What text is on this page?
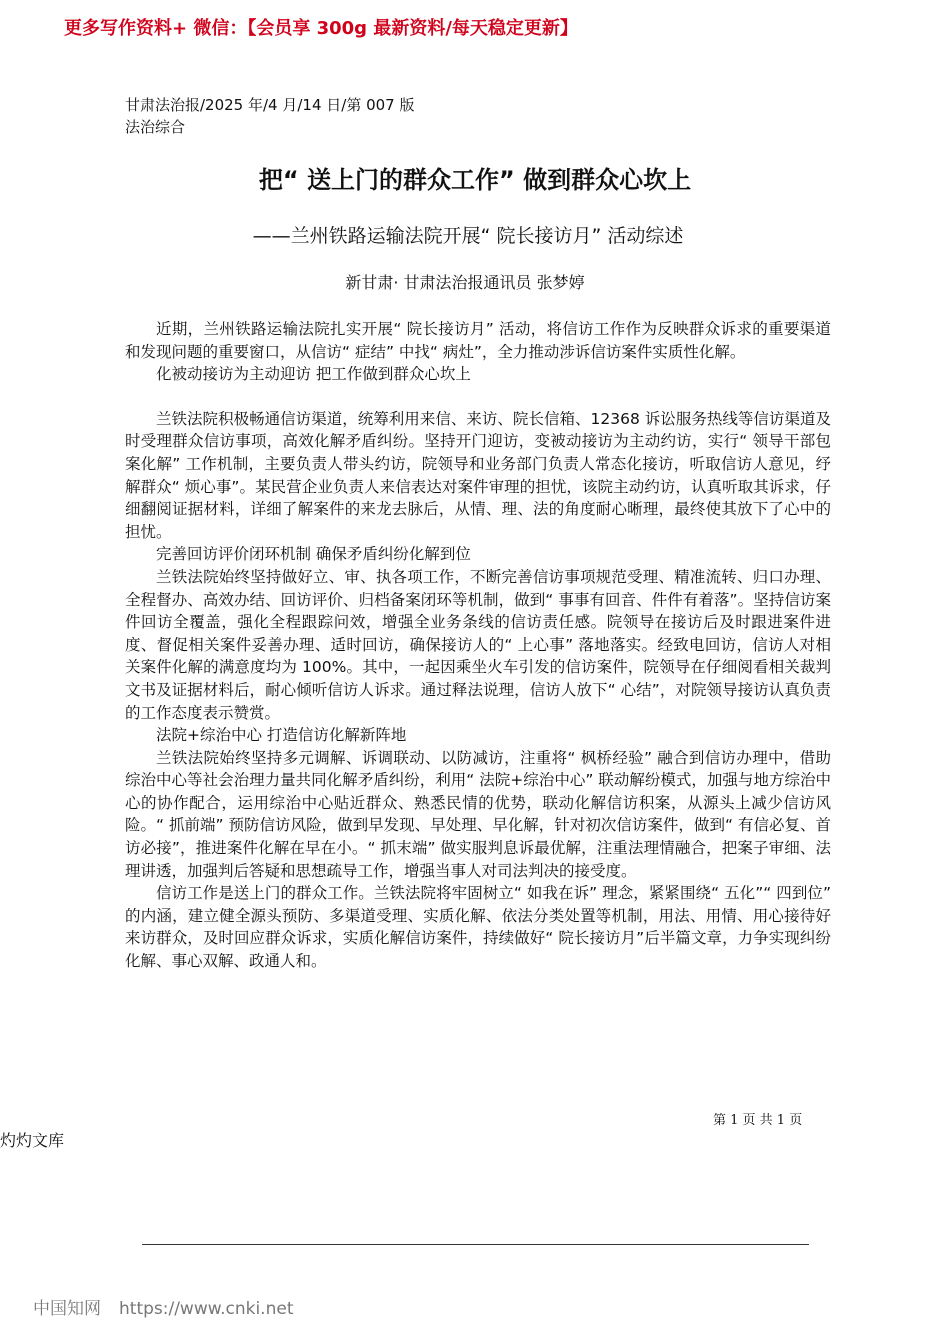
更多写作资料+ 微信：【会员享 300g 最新资料/每天稳定更新】
甘肃法治报/2025 年/4 月/14 日/第 007 版法治综合
把“ 送上门的群众工作” 做到群众心坎上
——兰州铁路运输法院开展“ 院长接访月” 活动综述
新甘肃· 甘肃法治报通讯员 张梦婷

近期，兰州铁路运输法院扎实开展“ 院长接访月” 活动，将信访工作作为反映群众诉求的重要渠道和发现问题的重要窗口，从信访“ 症结” 中找“ 病灶”，全力推动涉诉信访案件实质性化解。

化被动接访为主动迎访 把工作做到群众心坎上

兰铁法院积极畅通信访渠道，统筹利用来信、来访、院长信箱、12368 诉讼服务热线等信访渠道及时受理群众信访事项，高效化解矛盾纠纷。坚持开门迎访，变被动接访为主动约访，实行“ 领导干部包案化解” 工作机制，主要负责人带头约访，院领导和业务部门负责人常态化接访，听取信访人意见，纾解群众“ 烦心事”。某民营企业负责人来信表达对案件审理的担忧，该院主动约访，认真听取其诉求，仔细翻阅证据材料，详细了解案件的来龙去脉后，从情、理、法的角度耐心晰理，最终使其放下了心中的担忧。

完善回访评价闭环机制 确保矛盾纠纷化解到位

兰铁法院始终坚持做好立、审、执各项工作，不断完善信访事项规范受理、精准流转、归口办理、全程督办、高效办结、回访评价、归档备案闭环等机制，做到“ 事事有回音、件件有着落”。坚持信访案件回访全覆盖，强化全程跟踪问效，增强全业务条线的信访责任感。院领导在接访后及时跟进案件进度、督促相关案件妥善办理、适时回访，确保接访人的“ 上心事” 落地落实。经致电回访，信访人对相关案件化解的满意度均为 100%。其中，一起因乘坐火车引发的信访案件，院领导在仔细阅看相关裁判文书及证据材料后，耐心倾听信访人诉求。通过释法说理，信访人放下“ 心结”，对院领导接访认真负责的工作态度表示赞赏。

法院+综治中心 打造信访化解新阵地

兰铁法院始终坚持多元调解、诉调联动、以防减访，注重将“ 枫桥经验” 融合到信访办理中，借助综治中心等社会治理力量共同化解矛盾纠纷，利用“ 法院+综治中心” 联动解纷模式，加强与地方综治中心的协作配合，运用综治中心贴近群众、熟悉民情的优势，联动化解信访积案，从源头上减少信访风险。“ 抓前端” 预防信访风险，做到早发现、早处理、早化解，针对初次信访案件，做到“ 有信必复、首访必接”，推进案件化解在早在小。“ 抓末端” 做实服判息诉最优解，注重法理情融合，把案子审细、法理讲透，加强判后答疑和思想疏导工作，增强当事人对司法判决的接受度。

信访工作是送上门的群众工作。兰铁法院将牢固树立“ 如我在诉” 理念，紧紧围绕“ 五化”“ 四到位” 的内涵，建立健全源头预防、多渠道受理、实质化解、依法分类处置等机制，用法、用情、用心接待好来访群众，及时回应群众诉求，实质化解信访案件，持续做好“ 院长接访月”后半篇文章，力争实现纠纷化解、事心双解、政通人和。

第 1 页 共 1 页
灼灼文库
中国知网 https://www.cnki.net
